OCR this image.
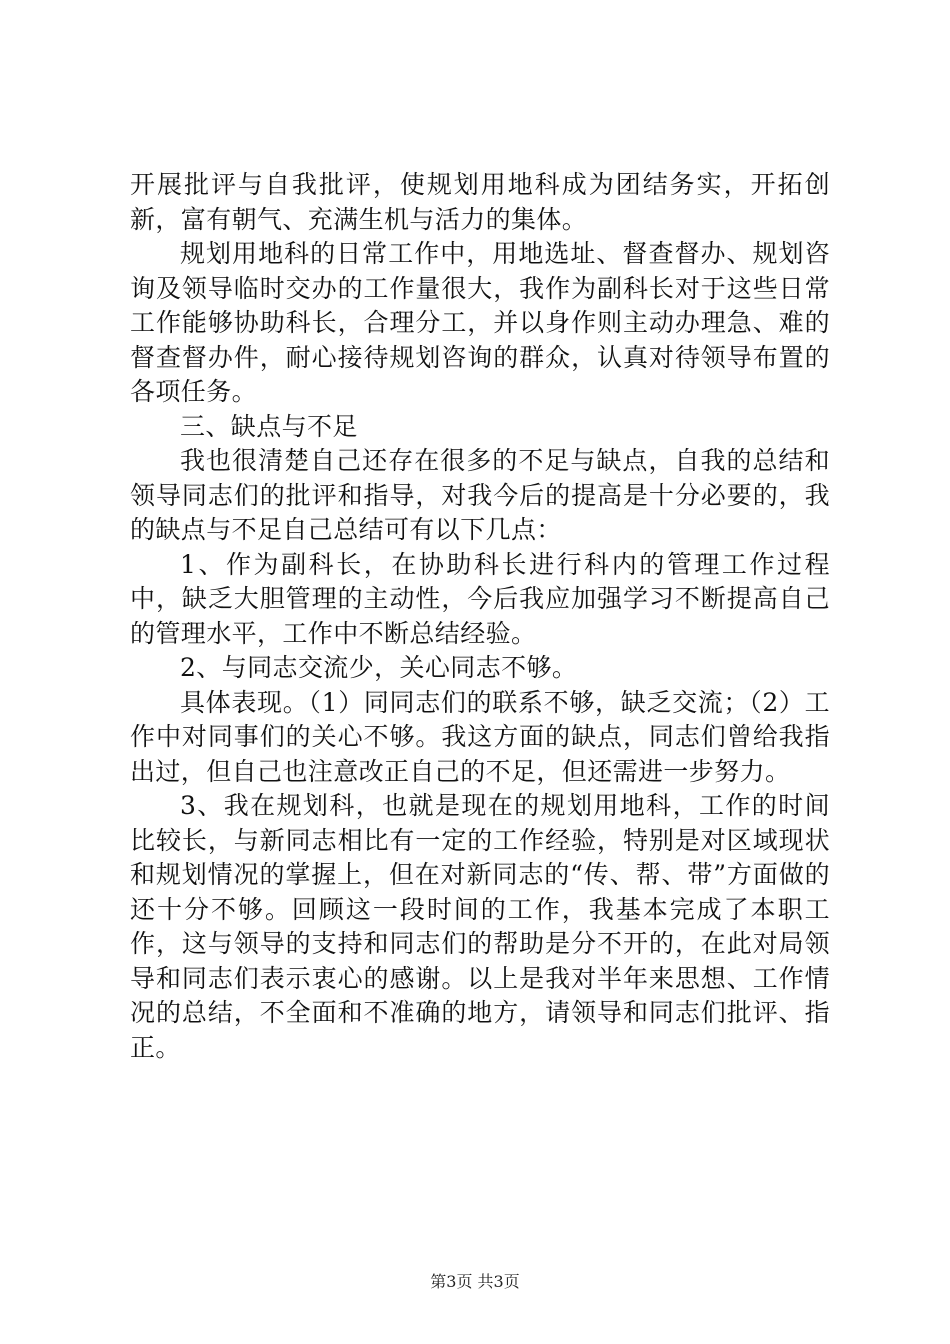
开展批评与自我批评，使规划用地科成为团结务实，开拓创新，富有朝气、充满生机与活力的集体。

规划用地科的日常工作中，用地选址、督查督办、规划咨询及领导临时交办的工作量很大，我作为副科长对于这些日常工作能够协助科长，合理分工，并以身作则主动办理急、难的督查督办件，耐心接待规划咨询的群众，认真对待领导布置的各项任务。

三、缺点与不足

我也很清楚自己还存在很多的不足与缺点，自我的总结和领导同志们的批评和指导，对我今后的提高是十分必要的，我的缺点与不足自己总结可有以下几点：

1、作为副科长，在协助科长进行科内的管理工作过程中，缺乏大胆管理的主动性，今后我应加强学习不断提高自己的管理水平，工作中不断总结经验。

2、与同志交流少，关心同志不够。

具体表现。（1）同同志们的联系不够，缺乏交流；（2）工作中对同事们的关心不够。我这方面的缺点，同志们曾给我指出过，但自己也注意改正自己的不足，但还需进一步努力。

3、我在规划科，也就是现在的规划用地科，工作的时间比较长，与新同志相比有一定的工作经验，特别是对区域现状和规划情况的掌握上，但在对新同志的“传、帮、带”方面做的还十分不够。回顾这一段时间的工作，我基本完成了本职工作，这与领导的支持和同志们的帮助是分不开的，在此对局领导和同志们表示衷心的感谢。以上是我对半年来思想、工作情况的总结，不全面和不准确的地方，请领导和同志们批评、指正。

第3页 共3页
